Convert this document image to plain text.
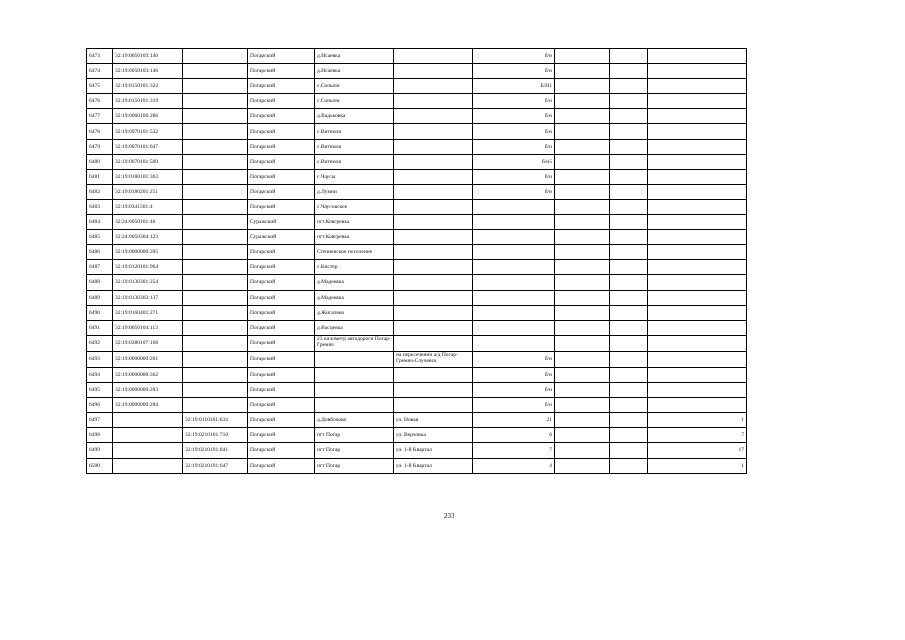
6473	32:19:0050103:140		Погарский	д.Исаевка		б/н			
6474	32:19:0050103:146		Погарский	д.Исаевка		б/н			
6475	32:19:0150101:322		Погарский	с.Сопычи		Б/Н1			
6476	32:19:0150101:319		Погарский	с.Сопычи		б/н			
6477	32:19:0060106:286		Погарский	д.Вадьковка		б/н			
6478	32:19:0070101:532		Погарский	с.Витемля		б/н			
6479	32:19:0070101:647		Погарский	с.Витемля		б/н			
6480	32:19:0070101:509		Погарский	с.Витемля		б/н5			
6481	32:19:0180101:363		Погарский	с.Чаусы		б/н			
6482	32:19:0180201:251		Погарский	д.Лумни		б/н			
6483	32:19:0341501:4		Погарский	с.Чаусовское					
6484	32:24:0050101:46		Суражский	пгт.Ковгревка					
6485	32:24:0050304:123		Суражский	пгт.Ковгревка					
6486	32:19:0000000:395		Погарский	Стечненское поселение					
6487	32:19:0120101:964		Погарский	с.Кистер					
6488	32:19:0130301:254		Погарский	д.Мадеевка					
6489	32:19:0130303:137		Погарский	д.Мадеевка					
6490	32:19:0160401:271		Погарский	д.Жигалево					
6491	32:19:0050104:113		Погарский	д.Васцевка					
6492	32:19:0380107:168		Погарский	23 километр автодороги Погар-Гремяч					
6493	32:19:0000000:261		Погарский		на пересечении а/д Погар-Гремяч-Случевск	б/н			
6494	32:19:0000000:362		Погарский			б/н			
6495	32:19:0000000:283		Погарский			б/н			
6496	32:19:0000000:284		Погарский			б/н			
6497		32:19:0110101:634	Погарский	д.Довбочово	ул. Новая	21			1
6498		32:19:0210101:710	Погарский	пгт Погар	ул. Верховка	6			7
6499		32:19:0210101:841	Погарский	пгт Погар	ул. 1-й Квартал	7			17
6500		32:19:0210101:647	Погарский	пгт Погар	ул. 1-й Квартал	4			1
233
